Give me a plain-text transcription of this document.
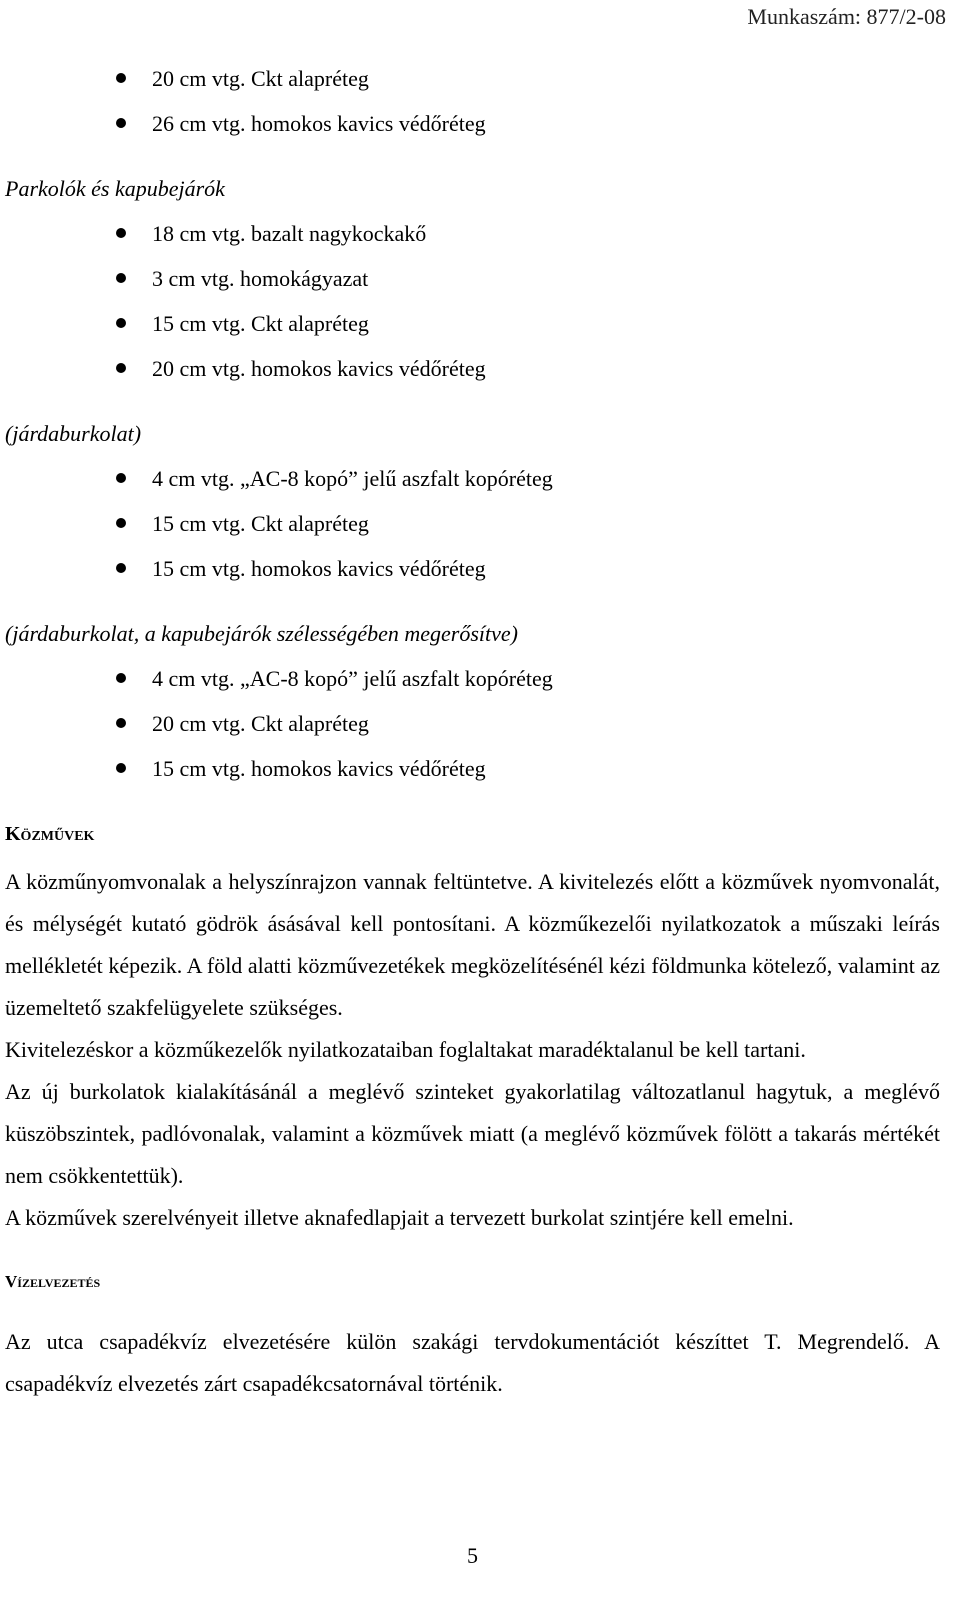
Munkaszám: 877/2-08
20 cm vtg. Ckt alapréteg
26 cm vtg. homokos kavics védőréteg
Parkolók és kapubejárók
18 cm vtg. bazalt nagykockakő
3 cm vtg. homokágyazat
15 cm vtg. Ckt alapréteg
20 cm vtg. homokos kavics védőréteg
(járdaburkolat)
4 cm vtg. „AC-8 kopó” jelű aszfalt kopóréteg
15 cm vtg. Ckt alapréteg
15 cm vtg. homokos kavics védőréteg
(járdaburkolat, a kapubejárók szélességében megerősítve)
4 cm vtg. „AC-8 kopó” jelű aszfalt kopóréteg
20 cm vtg. Ckt alapréteg
15 cm vtg. homokos kavics védőréteg
Közművek

A közműnyomvonalak a helyszínrajzon vannak feltüntetve. A kivitelezés előtt a közművek nyomvonalát, és mélységét kutató gödrök ásásával kell pontosítani. A közműkezelői nyilatkozatok a műszaki leírás mellékletét képezik. A föld alatti közművezetékek megközelítésénél kézi földmunka kötelező, valamint az üzemeltető szakfelügyelete szükséges.

Kivitelezéskor a közműkezelők nyilatkozataiban foglaltakat maradéktalanul be kell tartani.

Az új burkolatok kialakításánál a meglévő szinteket gyakorlatilag változatlanul hagytuk, a meglévő küszöbszintek, padlóvonalak, valamint a közművek miatt (a meglévő közművek fölött a takarás mértékét nem csökkentettük).

A közművek szerelvényeit illetve aknafedlapjait a tervezett burkolat szintjére kell emelni.

Vízelvezetés

Az utca csapadékvíz elvezetésére külön szakági tervdokumentációt készíttet T. Megrendelő. A csapadékvíz elvezetés zárt csapadékcsatornával történik.

5
